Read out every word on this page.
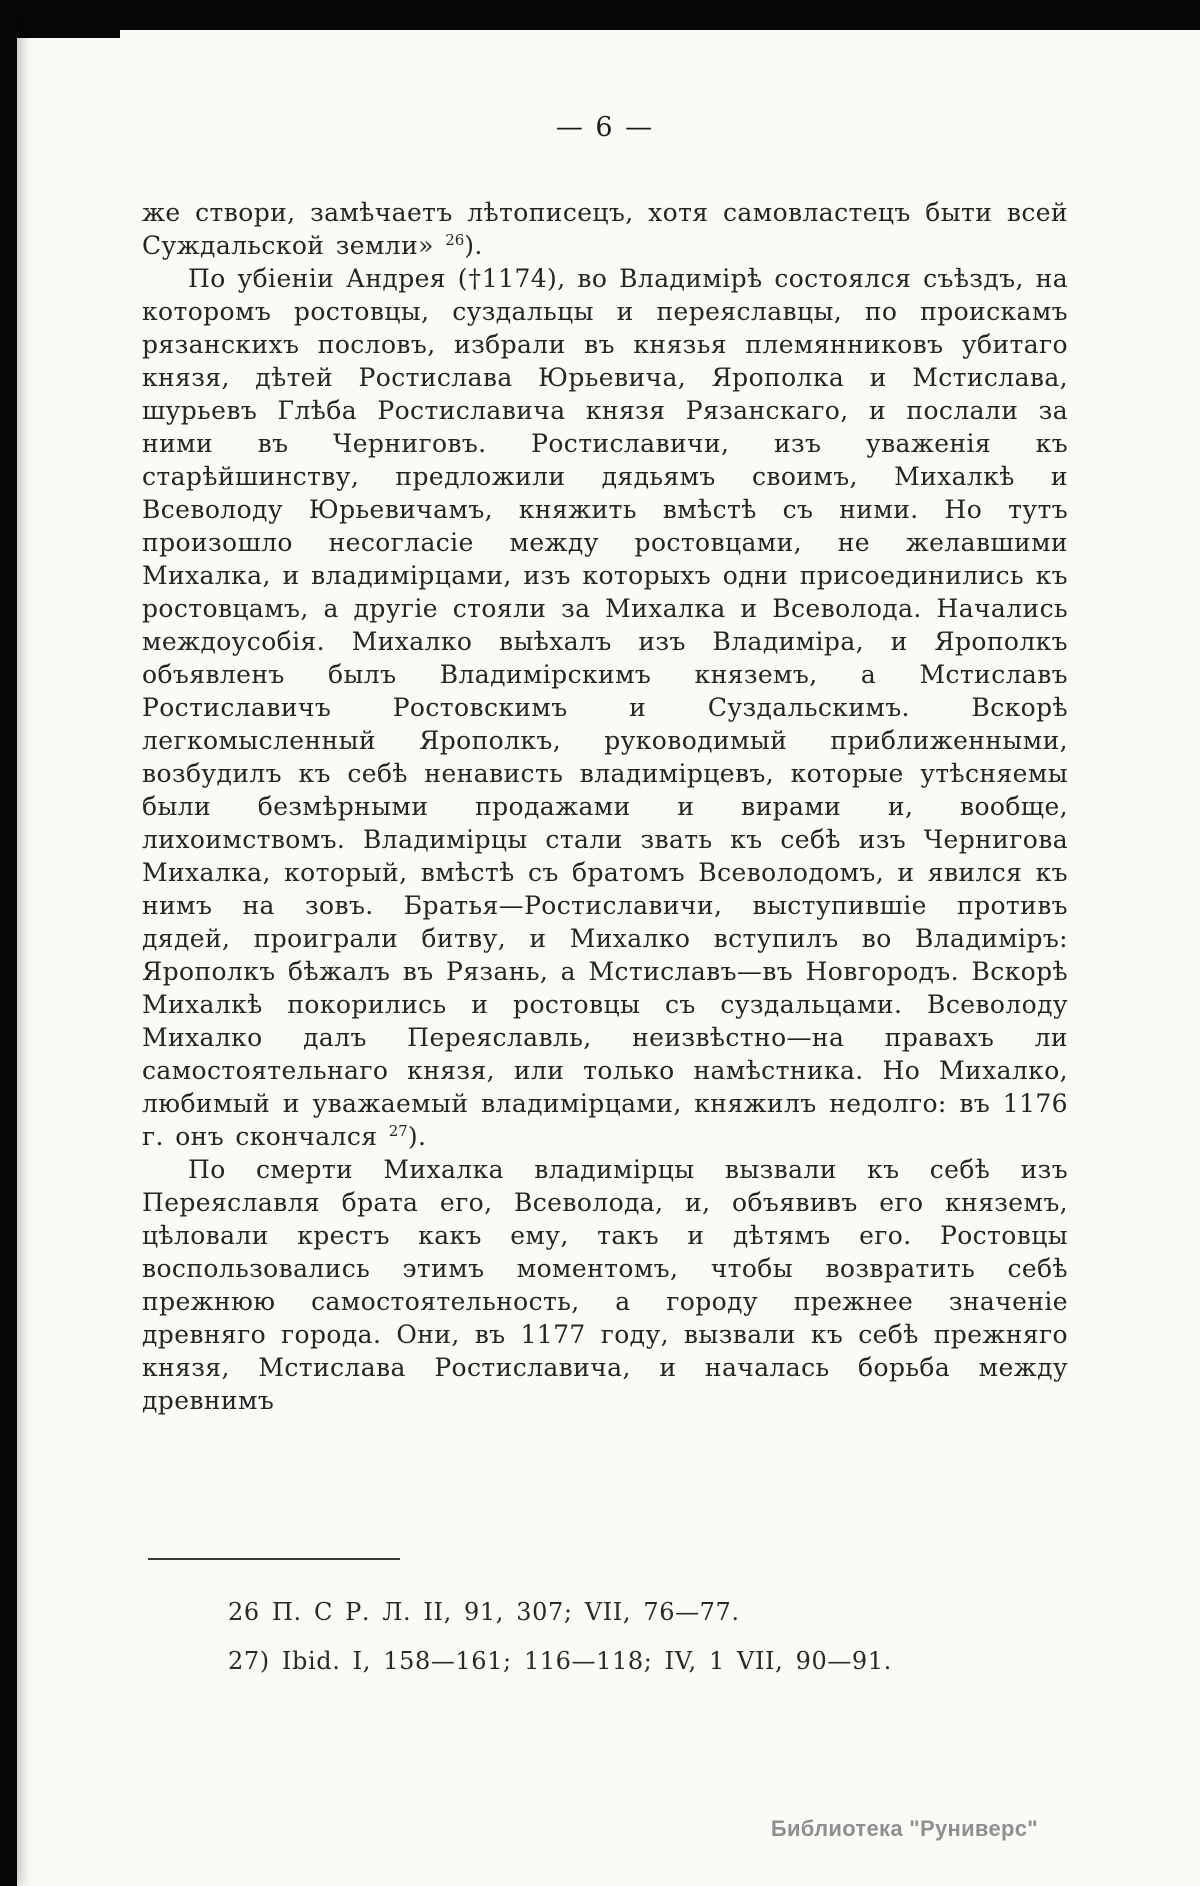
— 6 —

же створи, замѣчаетъ лѣтописецъ, хотя самовластецъ быти всей Суждальской земли» $^{26}$).

По убіеніи Андрея (†1174), во Владимірѣ состоялся съѣздъ, на которомъ ростовцы, суздальцы и переяславцы, по проискамъ рязанскихъ пословъ, избрали въ князья племянниковъ убитаго князя, дѣтей Ростислава Юрьевича, Ярополка и Мстислава, шурьевъ Глѣба Ростиславича князя Рязанскаго, и послали за ними въ Черниговъ. Ростиславичи, изъ уваженія къ старѣйшинству, предложили дядьямъ своимъ, Михалкѣ и Всеволоду Юрьевичамъ, княжить вмѣстѣ съ ними. Но тутъ произошло несогласіе между ростовцами, не желавшими Михалка, и владимірцами, изъ которыхъ одни присоединились къ ростовцамъ, а другіе стояли за Михалка и Всеволода. Начались междоусобія. Михалко выѣхалъ изъ Владиміра, и Ярополкъ объявленъ былъ Владимірскимъ княземъ, а Мстиславъ Ростиславичъ Ростовскимъ и Суздальскимъ. Вскорѣ легкомысленный Ярополкъ, руководимый приближенными, возбудилъ къ себѣ ненависть владимірцевъ, которые утѣсняемы были безмѣрными продажами и вирами и, вообще, лихоимствомъ. Владимірцы стали звать къ себѣ изъ Чернигова Михалка, который, вмѣстѣ съ братомъ Всеволодомъ, и явился къ нимъ на зовъ. Братья—Ростиславичи, выступившіе противъ дядей, проиграли битву, и Михалко вступилъ во Владиміръ: Ярополкъ бѣжалъ въ Рязань, а Мстиславъ—въ Новгородъ. Вскорѣ Михалкѣ покорились и ростовцы съ суздальцами. Всеволоду Михалко далъ Переяславль, неизвѣстно—на правахъ ли самостоятельнаго князя, или только намѣстника. Но Михалко, любимый и уважаемый владимірцами, княжилъ недолго: въ 1176 г. онъ скончался $^{27}$).

По смерти Михалка владимірцы вызвали къ себѣ изъ Переяславля брата его, Всеволода, и, объявивъ его княземъ, цѣловали крестъ какъ ему, такъ и дѣтямъ его. Ростовцы воспользовались этимъ моментомъ, чтобы возвратить себѣ прежнюю самостоятельность, а городу прежнее значеніе древняго города. Они, въ 1177 году, вызвали къ себѣ прежняго князя, Мстислава Ростиславича, и началась борьба между древнимъ

26 П. С Р. Л. II, 91, 307; VII, 76—77.
27) Ibid. I, 158—161; 116—118; IV, 1 VII, 90—91.
Библиотека "Руниверс"
